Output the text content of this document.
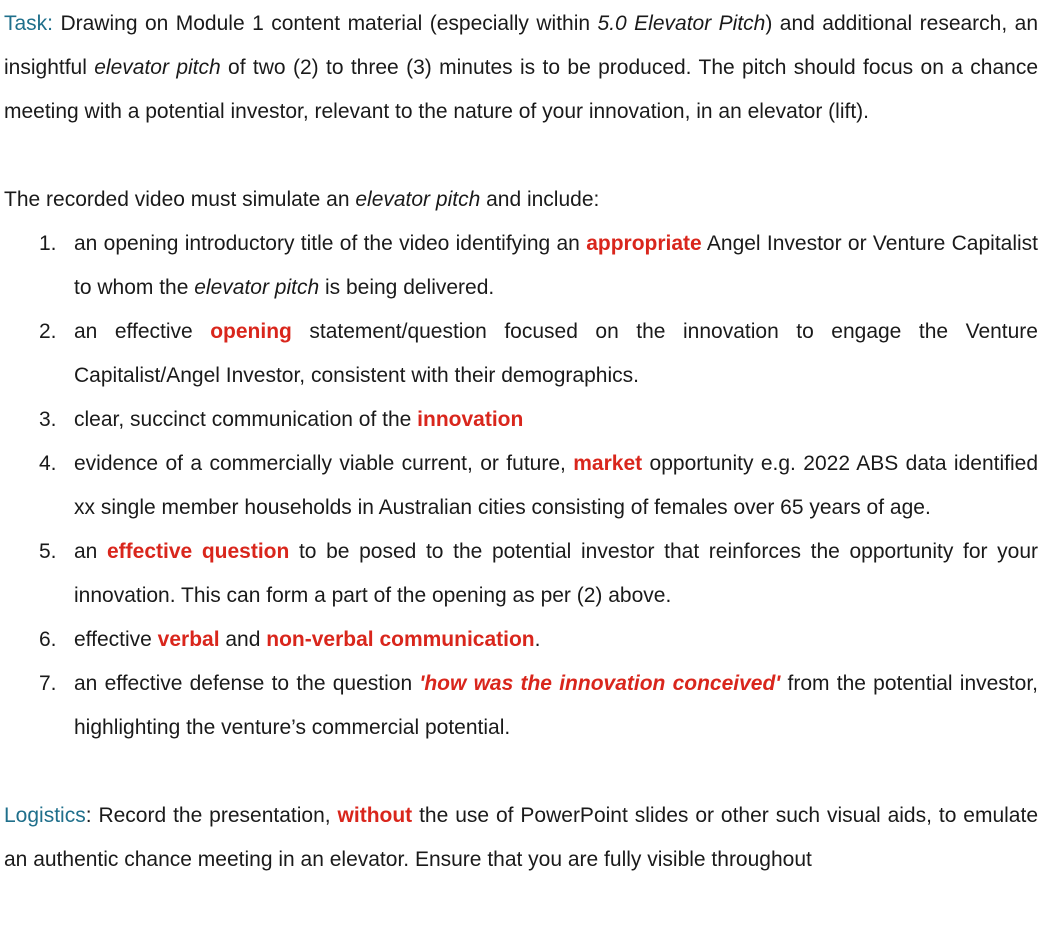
Task: Drawing on Module 1 content material (especially within 5.0 Elevator Pitch) and additional research, an insightful elevator pitch of two (2) to three (3) minutes is to be produced. The pitch should focus on a chance meeting with a potential investor, relevant to the nature of your innovation, in an elevator (lift).

The recorded video must simulate an elevator pitch and include:

1. an opening introductory title of the video identifying an appropriate Angel Investor or Venture Capitalist to whom the elevator pitch is being delivered.
2. an effective opening statement/question focused on the innovation to engage the Venture Capitalist/Angel Investor, consistent with their demographics.
3. clear, succinct communication of the innovation
4. evidence of a commercially viable current, or future, market opportunity e.g. 2022 ABS data identified xx single member households in Australian cities consisting of females over 65 years of age.
5. an effective question to be posed to the potential investor that reinforces the opportunity for your innovation. This can form a part of the opening as per (2) above.
6. effective verbal and non-verbal communication.
7. an effective defense to the question 'how was the innovation conceived' from the potential investor, highlighting the venture’s commercial potential.

Logistics: Record the presentation, without the use of PowerPoint slides or other such visual aids, to emulate an authentic chance meeting in an elevator. Ensure that you are fully visible throughout
